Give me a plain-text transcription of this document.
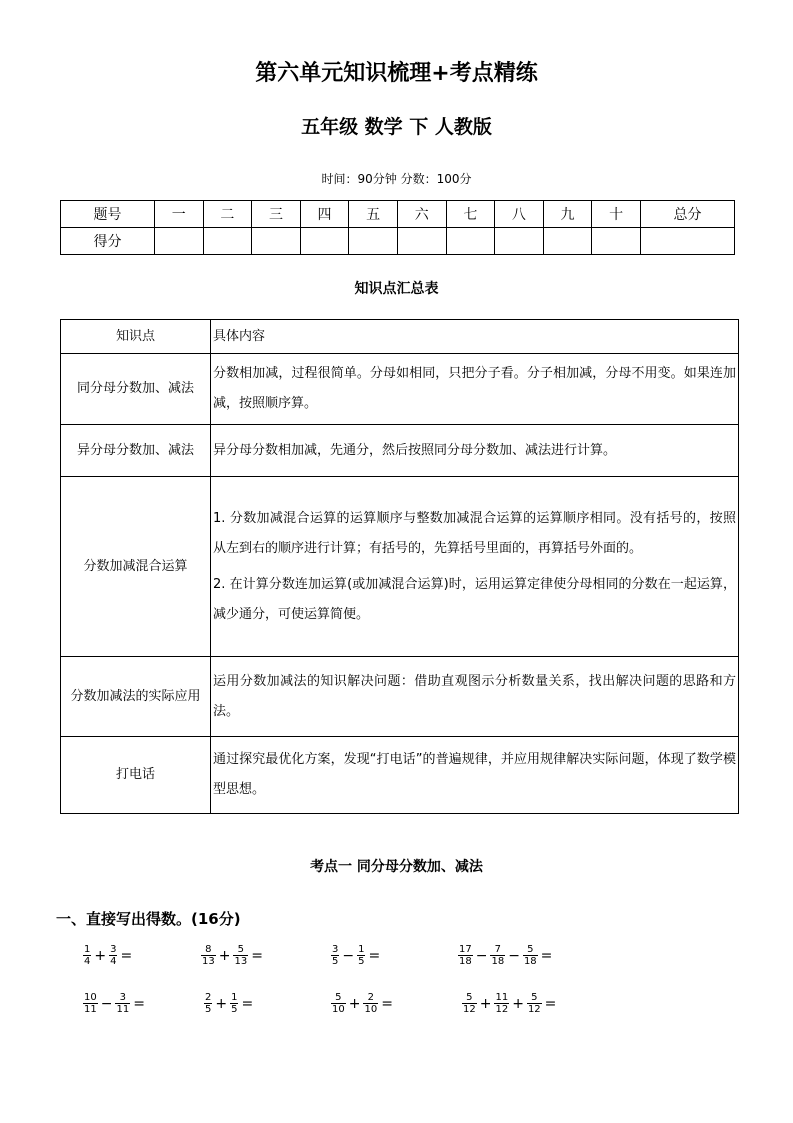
第六单元知识梳理+考点精练
五年级 数学 下 人教版
时间：90分钟 分数：100分
题号	一	二	三	四	五	六	七	八	九	十	总分
得分											
知识点汇总表
知识点	具体内容
同分母分数加、减法	分数相加减，过程很简单。分母如相同，只把分子看。分子相加减，分母不用变。如果连加减，按照顺序算。

异分母分数加、减法	异分母分数相加减，先通分，然后按照同分母分数加、减法进行计算。

分数加减混合运算	1. 分数加减混合运算的运算顺序与整数加减混合运算的运算顺序相同。没有括号的，按照从左到右的顺序进行计算；有括号的，先算括号里面的，再算括号外面的。
2. 在计算分数连加运算(或加减混合运算)时，运用运算定律使分母相同的分数在一起运算，减少通分，可使运算简便。

分数加减法的实际应用	运用分数加减法的知识解决问题：借助直观图示分析数量关系，找出解决问题的思路和方法。

打电话	通过探究最优化方案，发现“打电话”的普遍规律，并应用规律解决实际问题，体现了数学模型思想。
考点一 同分母分数加、减法
一、直接写出得数。(16分)
$\frac{1}{4} + \frac{3}{4}$ =	$\frac{8}{13} + \frac{5}{13}$ =	$\frac{3}{5} - \frac{1}{5}$ =	$\frac{17}{18} - \frac{7}{18} - \frac{5}{18}$ =
$\frac{10}{11} - \frac{3}{11}$ =	$\frac{2}{5} + \frac{1}{5}$ =	$\frac{5}{10} + \frac{2}{10}$ =	$\frac{5}{12} + \frac{11}{12} + \frac{5}{12}$ =
